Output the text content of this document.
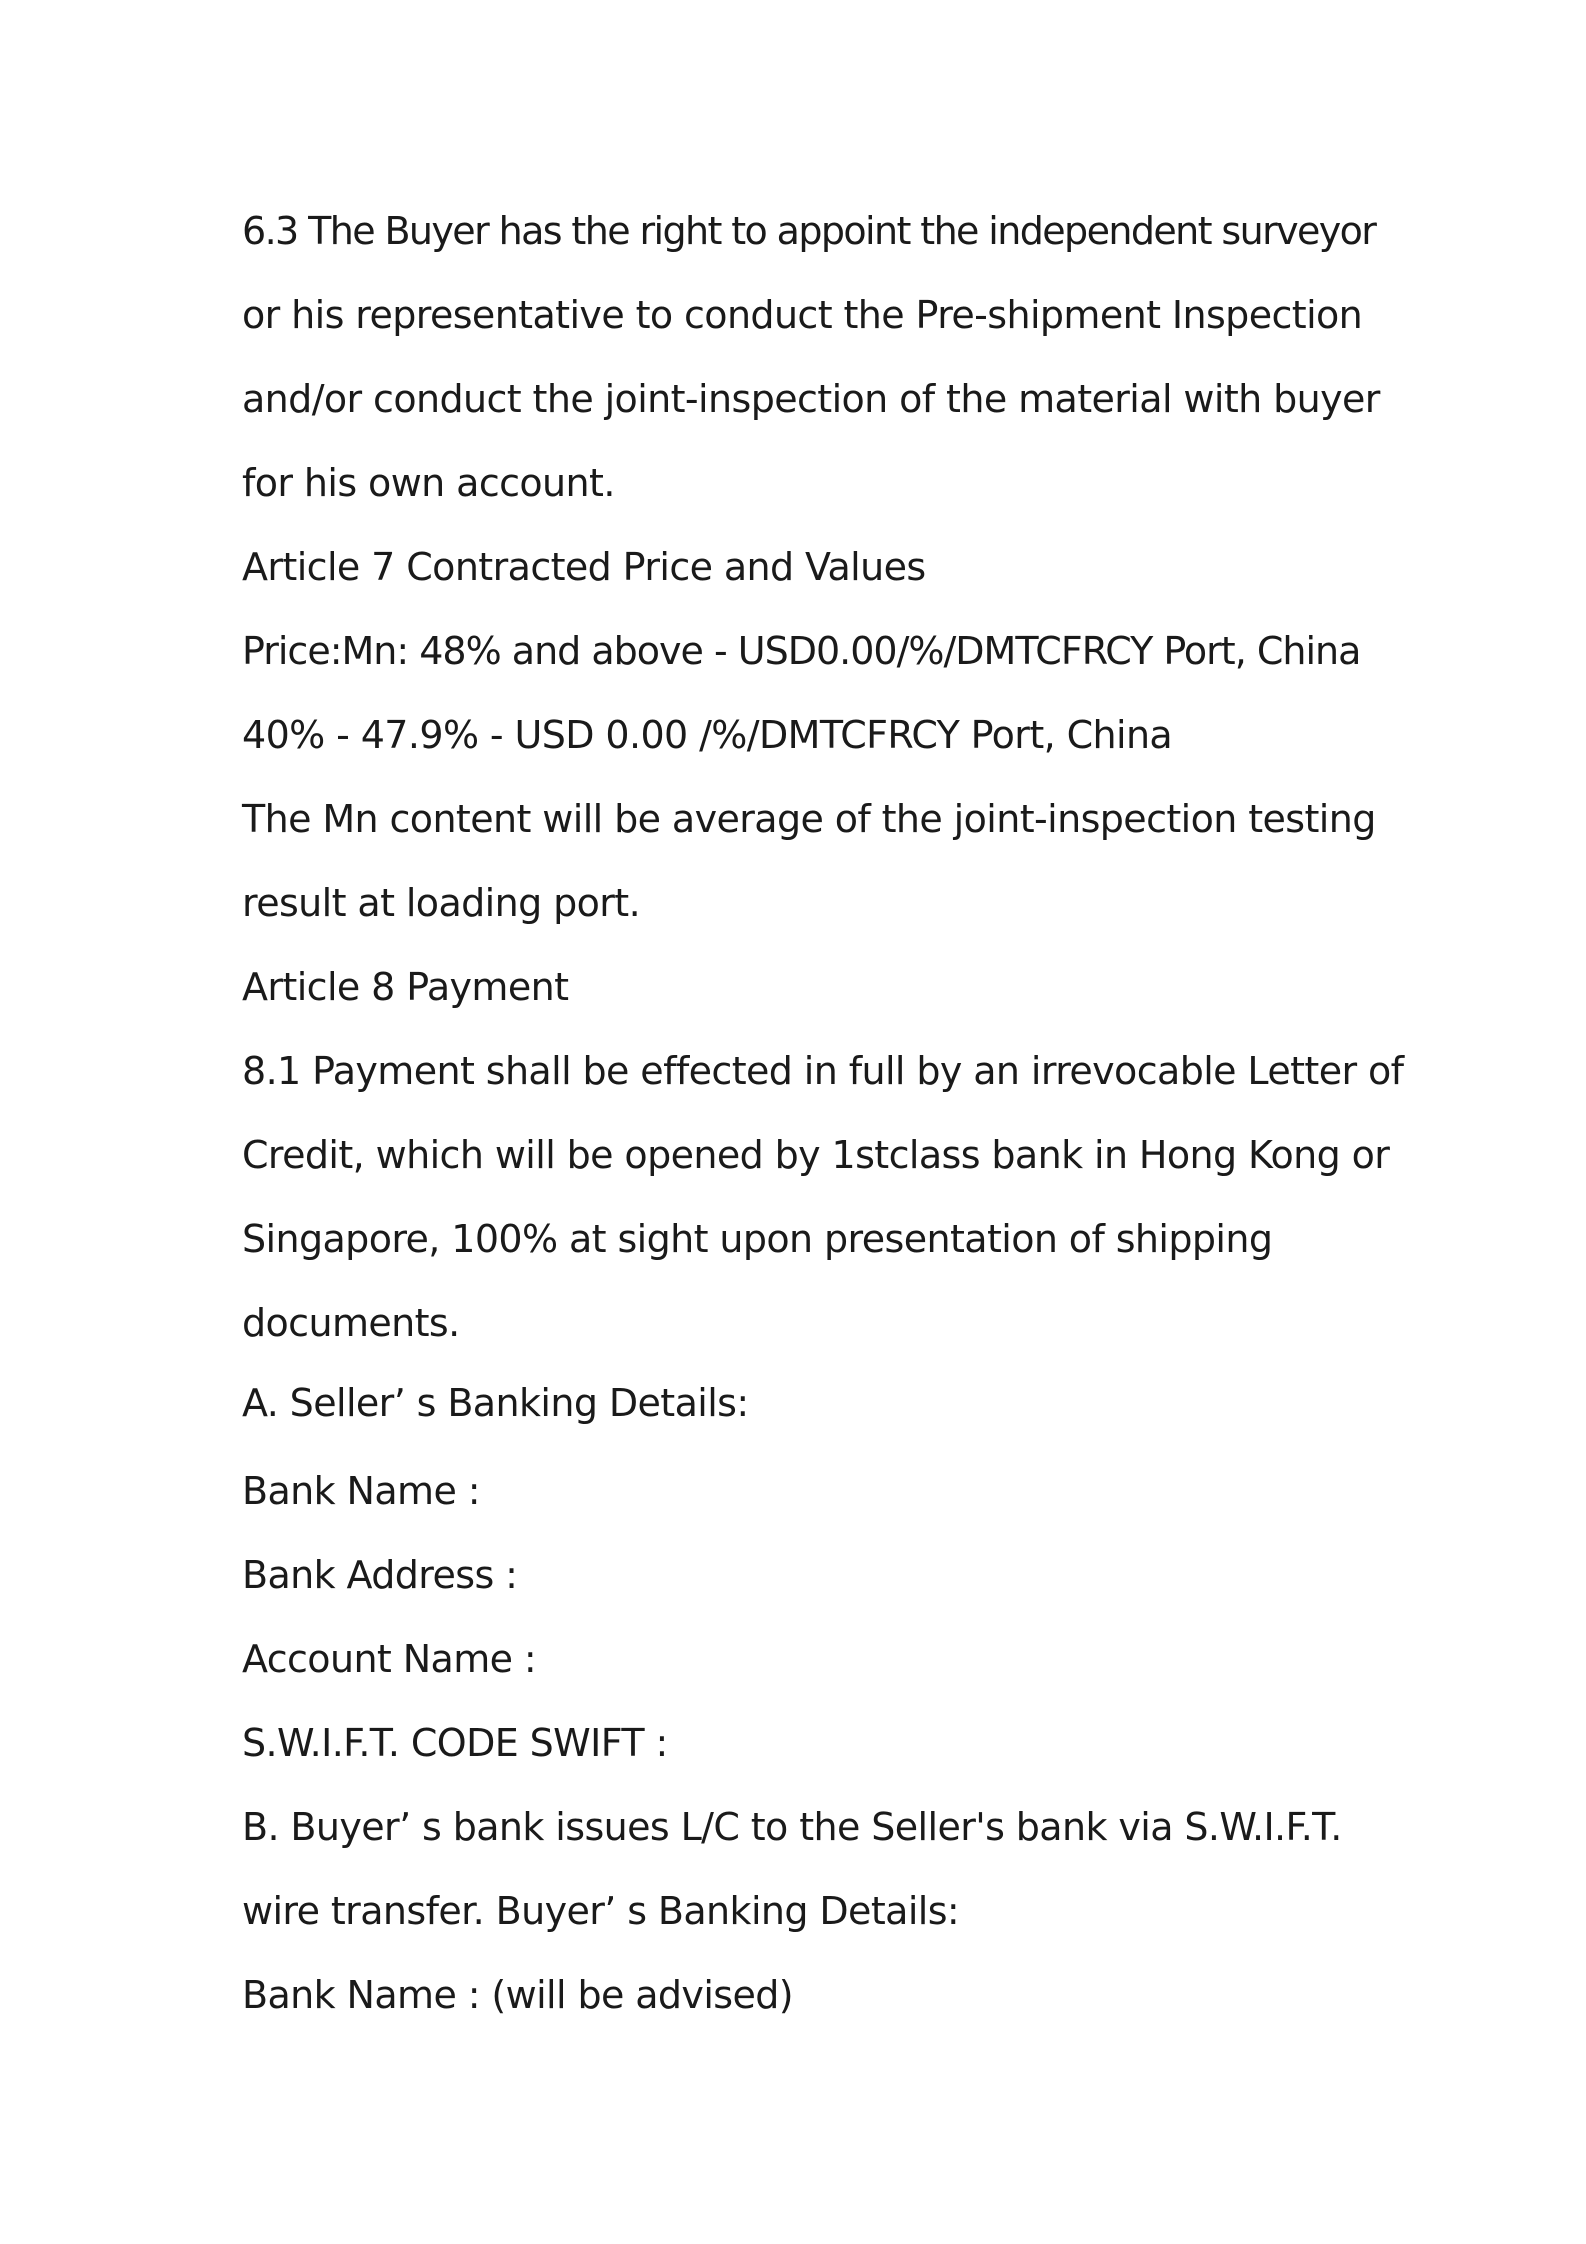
6.3 The Buyer has the right to appoint the independent surveyor
or his representative to conduct the Pre-shipment Inspection
and/or conduct the joint-inspection of the material with buyer
for his own account.
Article 7 Contracted Price and Values
Price:Mn: 48% and above - USD0.00/%/DMTCFRCY Port, China
40% - 47.9% - USD 0.00 /%/DMTCFRCY Port, China
The Mn content will be average of the joint-inspection testing
result at loading port.
Article 8 Payment
8.1 Payment shall be effected in full by an irrevocable Letter of
Credit, which will be opened by 1stclass bank in Hong Kong or
Singapore, 100% at sight upon presentation of shipping
documents.
A. Seller’ s Banking Details:
Bank Name :
Bank Address :
Account Name :
S.W.I.F.T. CODE SWIFT :
B. Buyer’ s bank issues L/C to the Seller's bank via S.W.I.F.T.
wire transfer. Buyer’ s Banking Details:
Bank Name : (will be advised)
